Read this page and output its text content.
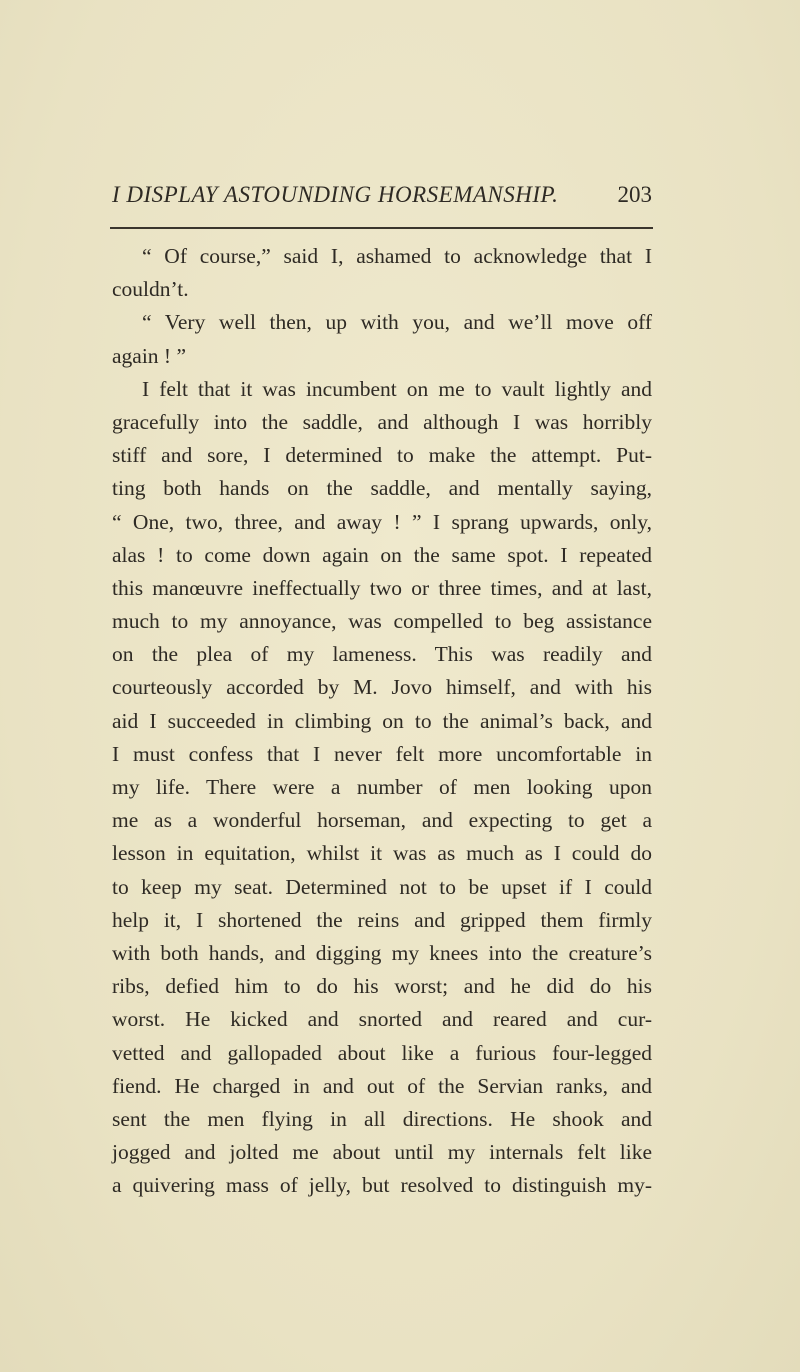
I DISPLAY ASTOUNDING HORSEMANSHIP.	203
“ Of course,” said I, ashamed to acknowledge that I
couldn’t.
“ Very well then, up with you, and we’ll move off
again ! ”
I felt that it was incumbent on me to vault lightly and
gracefully into the saddle, and although I was horribly
stiff and sore, I determined to make the attempt. Put-
ting both hands on the saddle, and mentally saying,
“ One, two, three, and away ! ” I sprang upwards, only,
alas ! to come down again on the same spot. I repeated
this manœuvre ineffectually two or three times, and at last,
much to my annoyance, was compelled to beg assistance
on the plea of my lameness. This was readily and
courteously accorded by M. Jovo himself, and with his
aid I succeeded in climbing on to the animal’s back, and
I must confess that I never felt more uncomfortable in
my life. There were a number of men looking upon
me as a wonderful horseman, and expecting to get a
lesson in equitation, whilst it was as much as I could do
to keep my seat. Determined not to be upset if I could
help it, I shortened the reins and gripped them firmly
with both hands, and digging my knees into the creature’s
ribs, defied him to do his worst; and he did do his
worst. He kicked and snorted and reared and cur-
vetted and gallopaded about like a furious four-legged
fiend. He charged in and out of the Servian ranks, and
sent the men flying in all directions. He shook and
jogged and jolted me about until my internals felt like
a quivering mass of jelly, but resolved to distinguish my-
